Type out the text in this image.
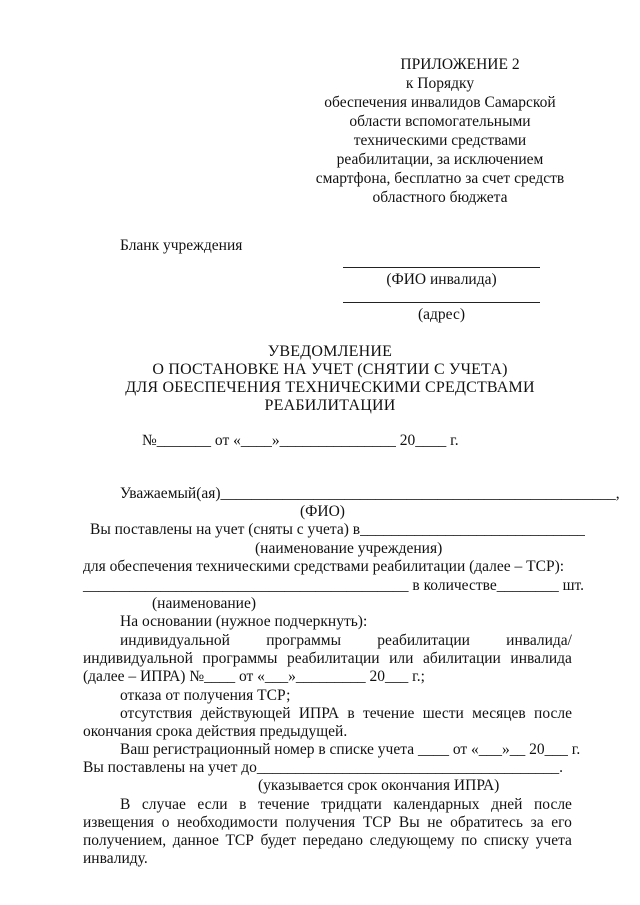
ПРИЛОЖЕНИЕ 2
к Порядку
обеспечения инвалидов Самарской
области вспомогательными
техническими средствами
реабилитации, за исключением
смартфона, бесплатно за счет средств
областного бюджета
Бланк учреждения
(ФИО инвалида)
(адрес)
УВЕДОМЛЕНИЕ
О ПОСТАНОВКЕ НА УЧЕТ (СНЯТИИ С УЧЕТА)
ДЛЯ ОБЕСПЕЧЕНИЯ ТЕХНИЧЕСКИМИ СРЕДСТВАМИ
РЕАБИЛИТАЦИИ
№_______ от «____»_______________ 20____ г.
Уважаемый(ая)___________________________________________________,
(ФИО)
Вы поставлены на учет (сняты с учета) в_____________________________
(наименование учреждения)
для обеспечения техническими средствами реабилитации (далее – ТСР):
__________________________________________ в количестве________ шт.
(наименование)
На основании (нужное подчеркнуть):
индивидуальной программы реабилитации инвалида/
индивидуальной программы реабилитации или абилитации инвалида
(далее – ИПРА) №____ от «___»_________ 20___ г.;
отказа от получения ТСР;
отсутствия действующей ИПРА в течение шести месяцев после
окончания срока действия предыдущей.
Ваш регистрационный номер в списке учета ____ от «___»__ 20___ г.
Вы поставлены на учет до_______________________________________.
(указывается срок окончания ИПРА)
В случае если в течение тридцати календарных дней после
извещения о необходимости получения ТСР Вы не обратитесь за его
получением, данное ТСР будет передано следующему по списку учета
инвалиду.
